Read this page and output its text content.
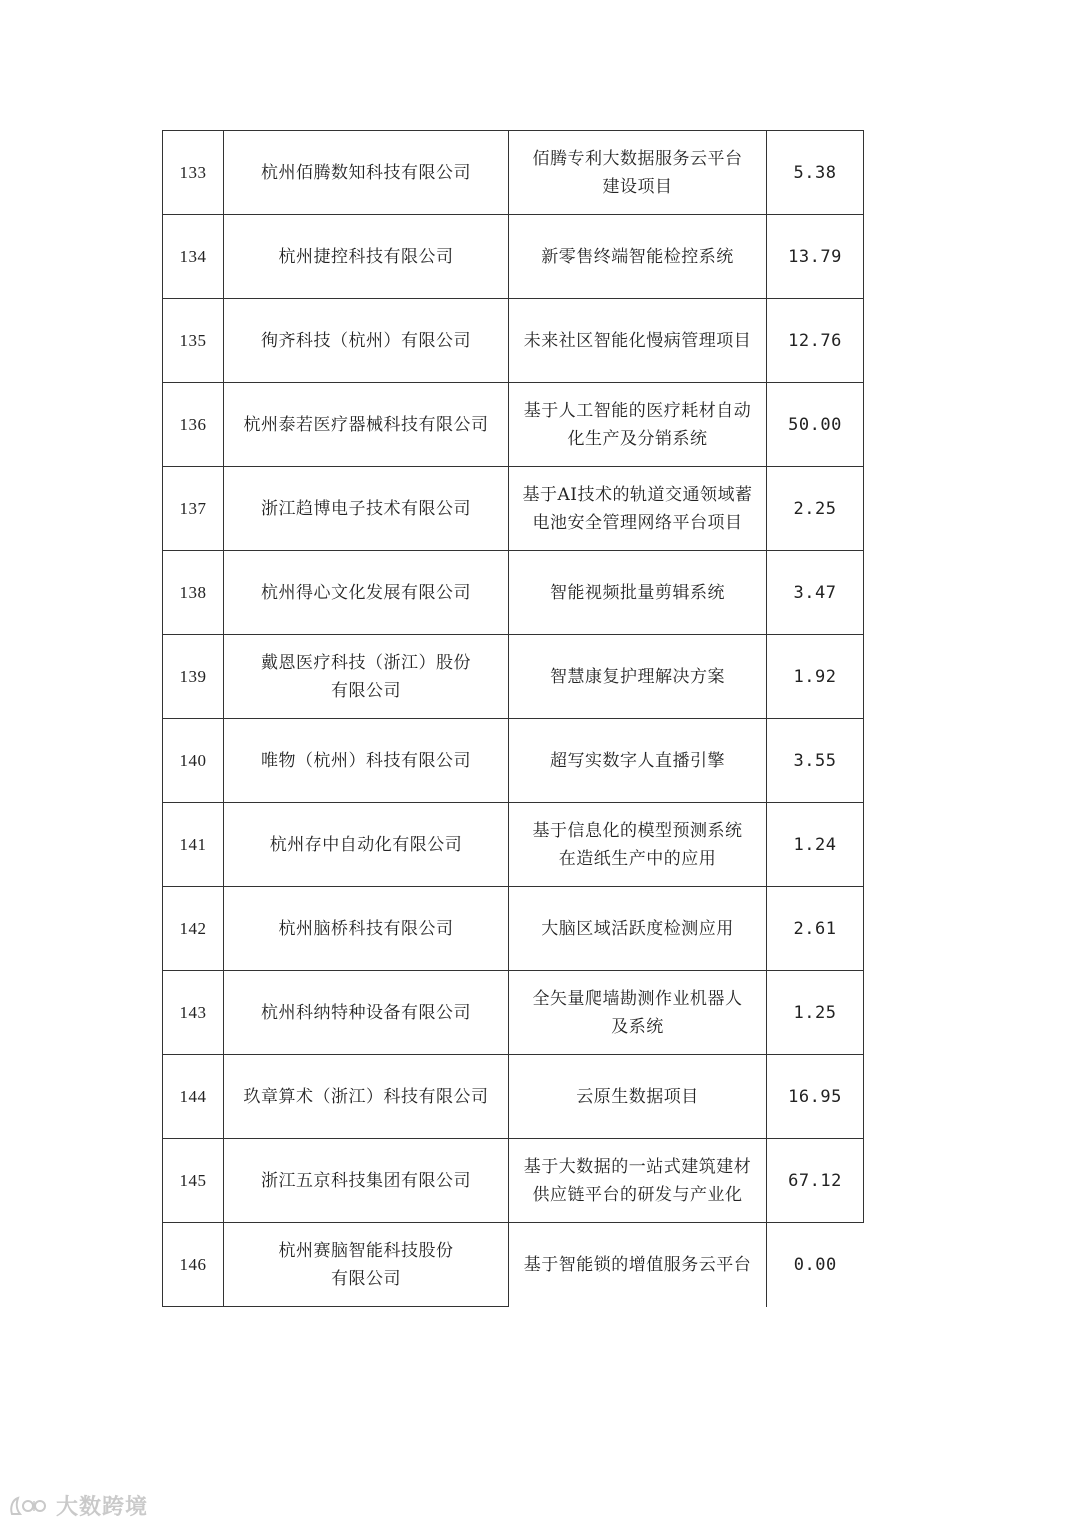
133	杭州佰腾数知科技有限公司	佰腾专利大数据服务云平台
建设项目	5.38
134	杭州捷控科技有限公司	新零售终端智能检控系统	13.79
135	徇齐科技（杭州）有限公司	未来社区智能化慢病管理项目	12.76
136	杭州泰若医疗器械科技有限公司	基于人工智能的医疗耗材自动
化生产及分销系统	50.00
137	浙江趋博电子技术有限公司	基于AI技术的轨道交通领域蓄
电池安全管理网络平台项目	2.25
138	杭州得心文化发展有限公司	智能视频批量剪辑系统	3.47
139	戴恩医疗科技（浙江）股份
有限公司	智慧康复护理解决方案	1.92
140	唯物（杭州）科技有限公司	超写实数字人直播引擎	3.55
141	杭州存中自动化有限公司	基于信息化的模型预测系统
在造纸生产中的应用	1.24
142	杭州脑桥科技有限公司	大脑区域活跃度检测应用	2.61
143	杭州科纳特种设备有限公司	全矢量爬墙勘测作业机器人
及系统	1.25
144	玖章算术（浙江）科技有限公司	云原生数据项目	16.95
145	浙江五京科技集团有限公司	基于大数据的一站式建筑建材
供应链平台的研发与产业化	67.12
146	杭州赛脑智能科技股份
有限公司	基于智能锁的增值服务云平台	0.00
大数跨境
